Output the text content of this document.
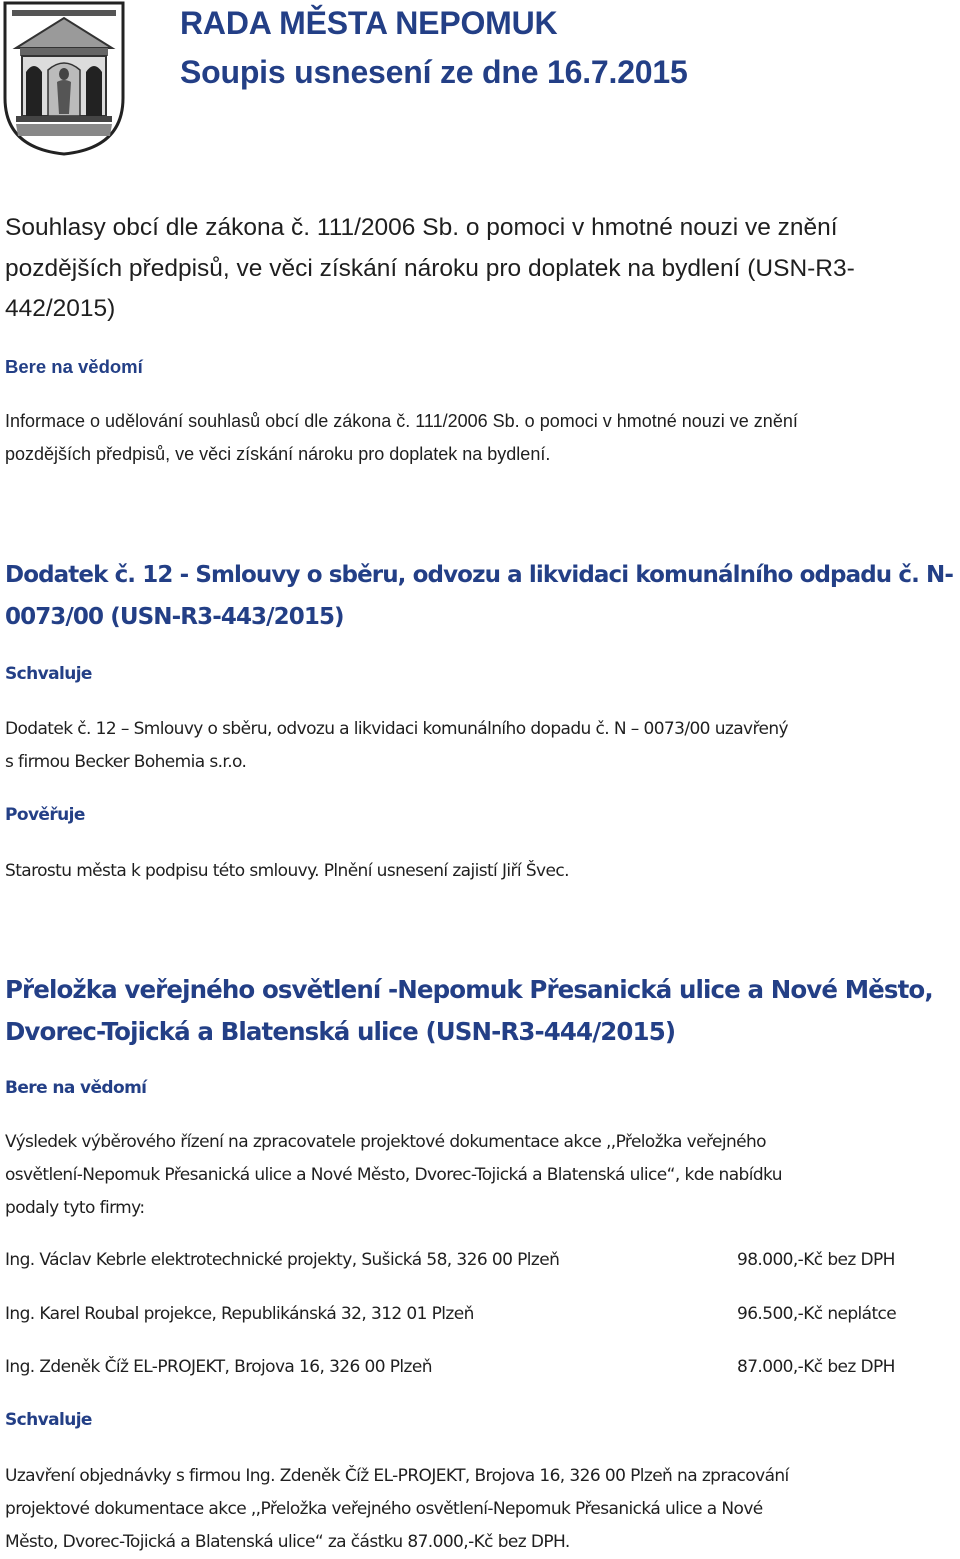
RADA MĚSTA NEPOMUK
Soupis usnesení ze dne 16.7.2015
Souhlasy obcí dle zákona č. 111/2006 Sb. o pomoci v hmotné nouzi ve znění
pozdějších předpisů, ve věci získání nároku pro doplatek na bydlení (USN-R3-
442/2015)
Bere na vědomí
Informace o udělování souhlasů obcí dle zákona č. 111/2006 Sb. o pomoci v hmotné nouzi ve znění
pozdějších předpisů, ve věci získání nároku pro doplatek na bydlení.
Dodatek č. 12 - Smlouvy o sběru, odvozu a likvidaci komunálního odpadu č. N-
0073/00 (USN-R3-443/2015)
Schvaluje
Dodatek č. 12 – Smlouvy o sběru, odvozu a likvidaci komunálního dopadu č. N – 0073/00 uzavřený
s firmou Becker Bohemia s.r.o.
Pověřuje
Starostu města k podpisu této smlouvy. Plnění usnesení zajistí Jiří Švec.
Přeložka veřejného osvětlení -Nepomuk Přesanická ulice a Nové Město,
Dvorec-Tojická a Blatenská ulice (USN-R3-444/2015)
Bere na vědomí
Výsledek výběrového řízení na zpracovatele projektové dokumentace akce ,,Přeložka veřejného
osvětlení-Nepomuk Přesanická ulice a Nové Město, Dvorec-Tojická a Blatenská ulice“, kde nabídku
podaly tyto firmy:
Ing. Václav Kebrle elektrotechnické projekty, Sušická 58, 326 00 Plzeň	98.000,-Kč bez DPH
Ing. Karel Roubal projekce, Republikánská 32, 312 01 Plzeň	96.500,-Kč neplátce
Ing. Zdeněk Číž EL-PROJEKT, Brojova 16, 326 00 Plzeň	87.000,-Kč bez DPH
Schvaluje
Uzavření objednávky s firmou Ing. Zdeněk Číž EL-PROJEKT, Brojova 16, 326 00 Plzeň na zpracování
projektové dokumentace akce ,,Přeložka veřejného osvětlení-Nepomuk Přesanická ulice a Nové
Město, Dvorec-Tojická a Blatenská ulice“ za částku 87.000,-Kč bez DPH.
